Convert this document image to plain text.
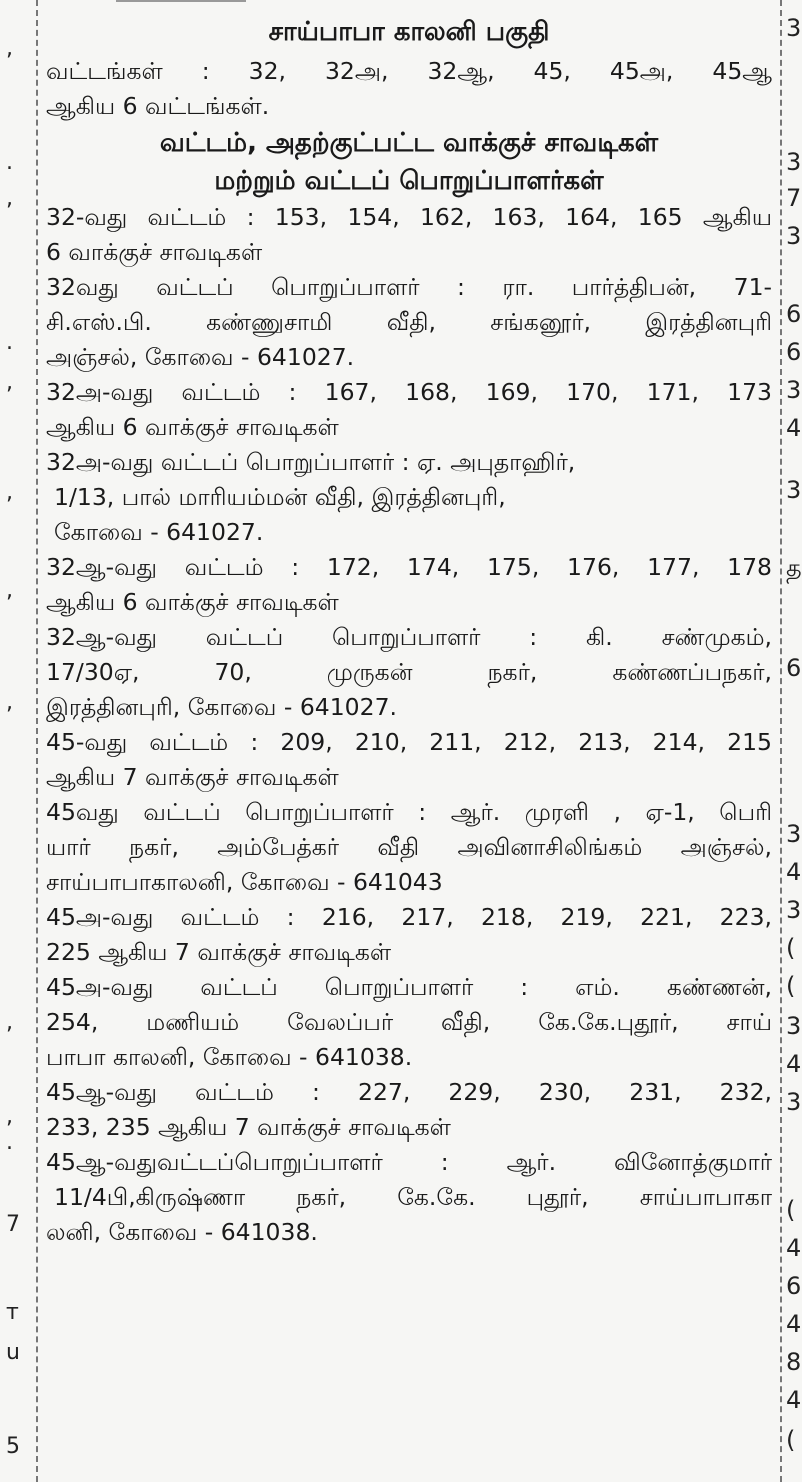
,
.
,
.
,
,
,
,
,
,
.
7
т
u
5
சாய்பாபா காலனி பகுதி
வட்டங்கள் : 32, 32அ, 32ஆ, 45, 45அ, 45ஆ
ஆகிய 6 வட்டங்கள்.
வட்டம், அதற்குட்பட்ட வாக்குச் சாவடிகள்
மற்றும் வட்டப் பொறுப்பாளர்கள்
32-வது வட்டம் : 153, 154, 162, 163, 164, 165 ஆகிய
6 வாக்குச் சாவடிகள்
32வது வட்டப் பொறுப்பாளர் : ரா. பார்த்திபன், 71-
சி.எஸ்.பி. கண்ணுசாமி வீதி, சங்கனூர், இரத்தினபுரி
அஞ்சல், கோவை - 641027.
32அ-வது வட்டம் : 167, 168, 169, 170, 171, 173
ஆகிய 6 வாக்குச் சாவடிகள்
32அ-வது வட்டப் பொறுப்பாளர் : ஏ. அபுதாஹிர்,
1/13, பால் மாரியம்மன் வீதி, இரத்தினபுரி,
கோவை - 641027.
32ஆ-வது வட்டம் : 172, 174, 175, 176, 177, 178
ஆகிய 6 வாக்குச் சாவடிகள்
32ஆ-வது வட்டப் பொறுப்பாளர் : கி. சண்முகம்,
17/30ஏ, 70, முருகன் நகர், கண்ணப்பநகர்,
இரத்தினபுரி, கோவை - 641027.
45-வது வட்டம் : 209, 210, 211, 212, 213, 214, 215
ஆகிய 7 வாக்குச் சாவடிகள்
45வது வட்டப் பொறுப்பாளர் : ஆர். முரளி , ஏ-1, பெரி
யார் நகர், அம்பேத்கர் வீதி அவினாசிலிங்கம் அஞ்சல்,
சாய்பாபாகாலனி, கோவை - 641043
45அ-வது வட்டம் : 216, 217, 218, 219, 221, 223,
225 ஆகிய 7 வாக்குச் சாவடிகள்
45அ-வது வட்டப் பொறுப்பாளர் : எம். கண்ணன்,
254, மணியம் வேலப்பர் வீதி, கே.கே.புதூர், சாய்
பாபா காலனி, கோவை - 641038.
45ஆ-வது வட்டம் : 227, 229, 230, 231, 232,
233, 235 ஆகிய 7 வாக்குச் சாவடிகள்
45ஆ-வதுவட்டப்பொறுப்பாளர் : ஆர். வினோத்குமார்
11/4பி,கிருஷ்ணா நகர், கே.கே. புதூர், சாய்பாபாகா
லனி, கோவை - 641038.
3
3
7
3
6
6
3
4
3
த
6
3
4
3
(
(
3
4
3
(
4
6
4
8
4
(
